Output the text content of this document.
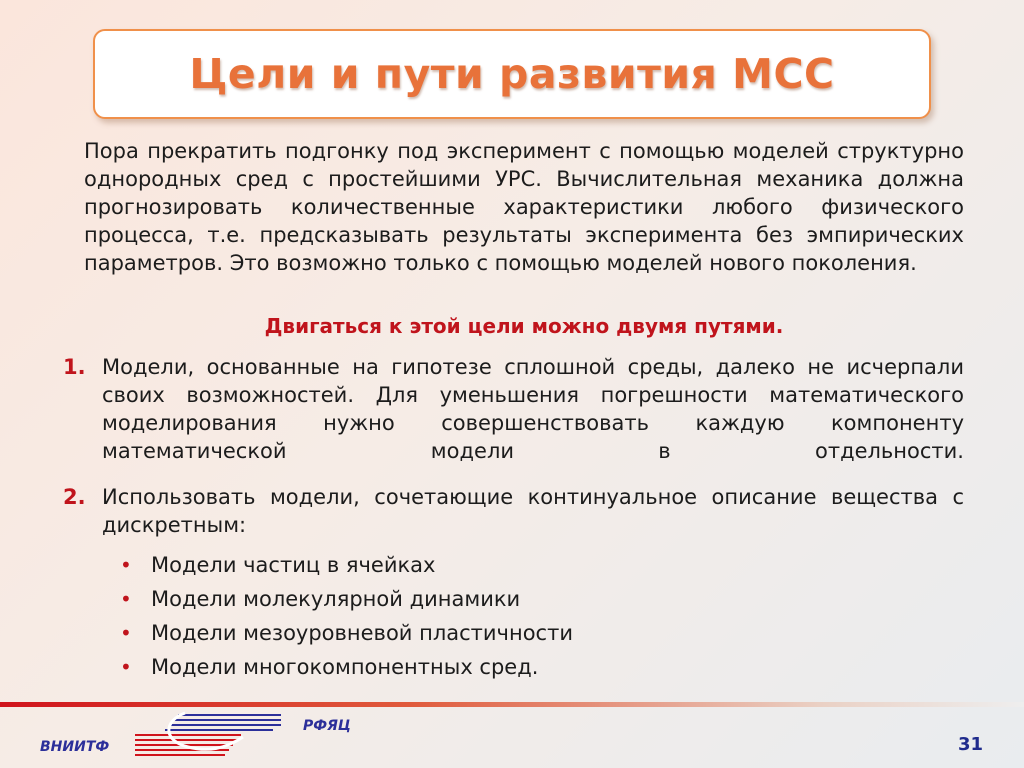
Цели и пути развития МСС

Пора прекратить подгонку под эксперимент с помощью моделей структурно однородных сред с простейшими УРС. Вычислительная механика должна прогнозировать количественные характеристики любого физического процесса, т.е. предсказывать результаты эксперимента без эмпирических параметров. Это возможно только с помощью моделей нового поколения.

Двигаться к этой цели можно двумя путями.

1. Модели, основанные на гипотезе сплошной среды, далеко не исчерпали своих возможностей. Для уменьшения погрешности математического моделирования нужно совершенствовать каждую компоненту математической модели в отдельности.

2. Использовать модели, сочетающие континуальное описание вещества с дискретным:

• Модели частиц в ячейках
• Модели молекулярной динамики
• Модели мезоуровневой пластичности
• Модели многокомпонентных сред.
ВНИИТФ
РФЯЦ
31
